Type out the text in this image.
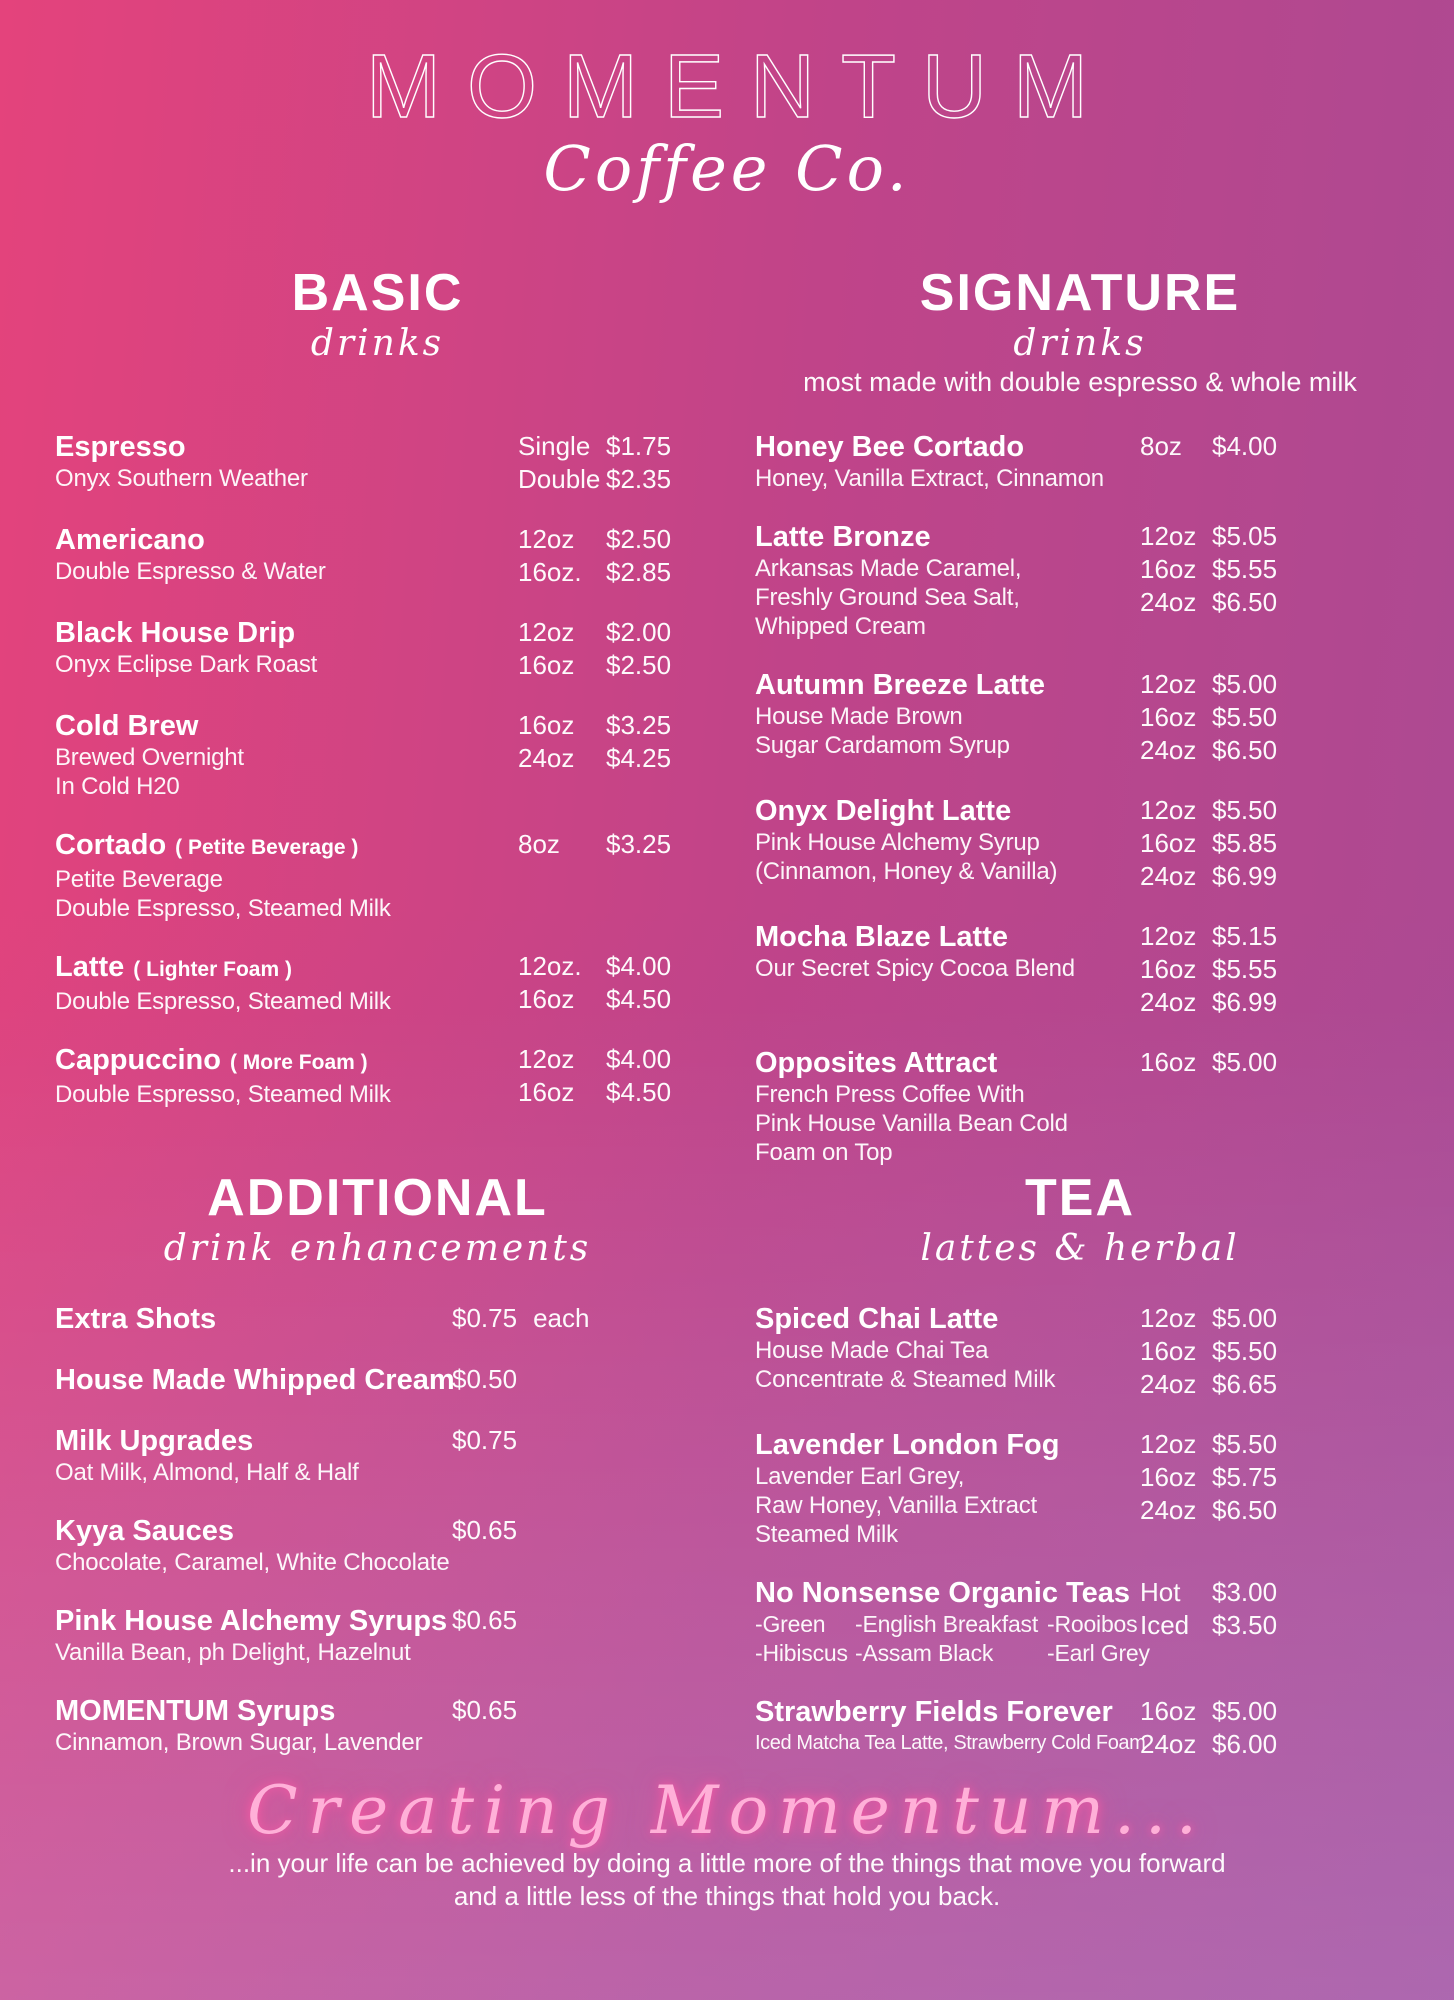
MOMENTUM
Coffee Co.
BASIC
drinks
Espresso
Onyx Southern Weather
Single $1.75
Double $2.35
Americano
Double Espresso & Water
12oz $2.50
16oz. $2.85
Black House Drip
Onyx Eclipse Dark Roast
12oz $2.00
16oz $2.50
Cold Brew
Brewed Overnight
In Cold H20
16oz $3.25
24oz $4.25
Cortado ( Petite Beverage )
Petite Beverage
Double Espresso, Steamed Milk
8oz $3.25
Latte ( Lighter Foam )
Double Espresso, Steamed Milk
12oz. $4.00
16oz $4.50
Cappuccino ( More Foam )
Double Espresso, Steamed Milk
12oz $4.00
16oz $4.50
SIGNATURE
drinks
most made with double espresso & whole milk
Honey Bee Cortado
Honey, Vanilla Extract, Cinnamon
8oz $4.00
Latte Bronze
Arkansas Made Caramel,
Freshly Ground Sea Salt,
Whipped Cream
12oz $5.05
16oz $5.55
24oz $6.50
Autumn Breeze Latte
House Made Brown
Sugar Cardamom Syrup
12oz $5.00
16oz $5.50
24oz $6.50
Onyx Delight Latte
Pink House Alchemy Syrup
(Cinnamon, Honey & Vanilla)
12oz $5.50
16oz $5.85
24oz $6.99
Mocha Blaze Latte
Our Secret Spicy Cocoa Blend
12oz $5.15
16oz $5.55
24oz $6.99
Opposites Attract
French Press Coffee With
Pink House Vanilla Bean Cold
Foam on Top
16oz $5.00
ADDITIONAL
drink enhancements
Extra Shots	$0.75 each
House Made Whipped Cream
$0.50
Milk Upgrades
Oat Milk, Almond, Half & Half
$0.75
Kyya Sauces
Chocolate, Caramel, White Chocolate
$0.65
Pink House Alchemy Syrups
Vanilla Bean, ph Delight, Hazelnut
$0.65
MOMENTUM Syrups
Cinnamon, Brown Sugar, Lavender
$0.65
TEA
lattes & herbal
Spiced Chai Latte
House Made Chai Tea
Concentrate & Steamed Milk
12oz $5.00
16oz $5.50
24oz $6.65
Lavender London Fog
Lavender Earl Grey,
Raw Honey, Vanilla Extract
Steamed Milk
12oz $5.50
16oz $5.75
24oz $6.50
No Nonsense Organic Teas
-Green	-English Breakfast -Rooibos
-Hibiscus -Assam Black	-Earl Grey
Hot $3.00
Iced $3.50
Strawberry Fields Forever
Iced Matcha Tea Latte, Strawberry Cold Foam
16oz $5.00
24oz $6.00
Creating Momentum...
...in your life can be achieved by doing a little more of the things that move you forward
and a little less of the things that hold you back.
